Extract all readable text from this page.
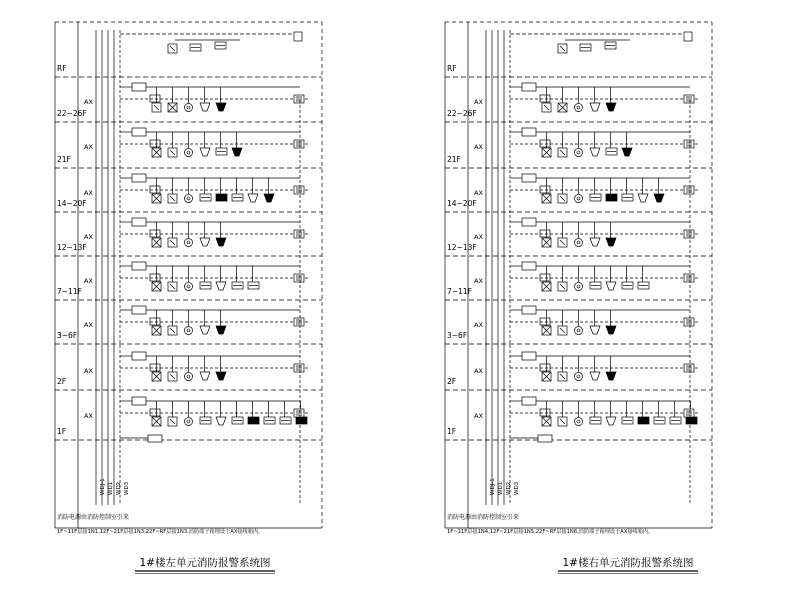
RF
22~26F
21F
14~20F
12~13F
7~11F
3~6F
2F
1F
AX
AX
AX
AX
AX
AX
AX
AX
WDJ-1 WD1 WD2 WD3
消防电源由消防控制室引来
1F~11F层接1N1,12F~21F层接1N3,22F~RF层接1N3,消防端子箱埋设于AX接线箱内。
1#楼左单元消防报警系统图
RF
22~26F
21F
14~20F
12~13F
7~11F
3~6F
2F
1F
AX
AX
AX
AX
AX
AX
AX
AX
WDJ-1 WD1 WD2 WD3
消防电源由消防控制室引来
1F~11F层接1N4,12F~21F层接1N5,22F~RF层接1N6,消防端子箱埋设于AX接线箱内。
1#楼右单元消防报警系统图
